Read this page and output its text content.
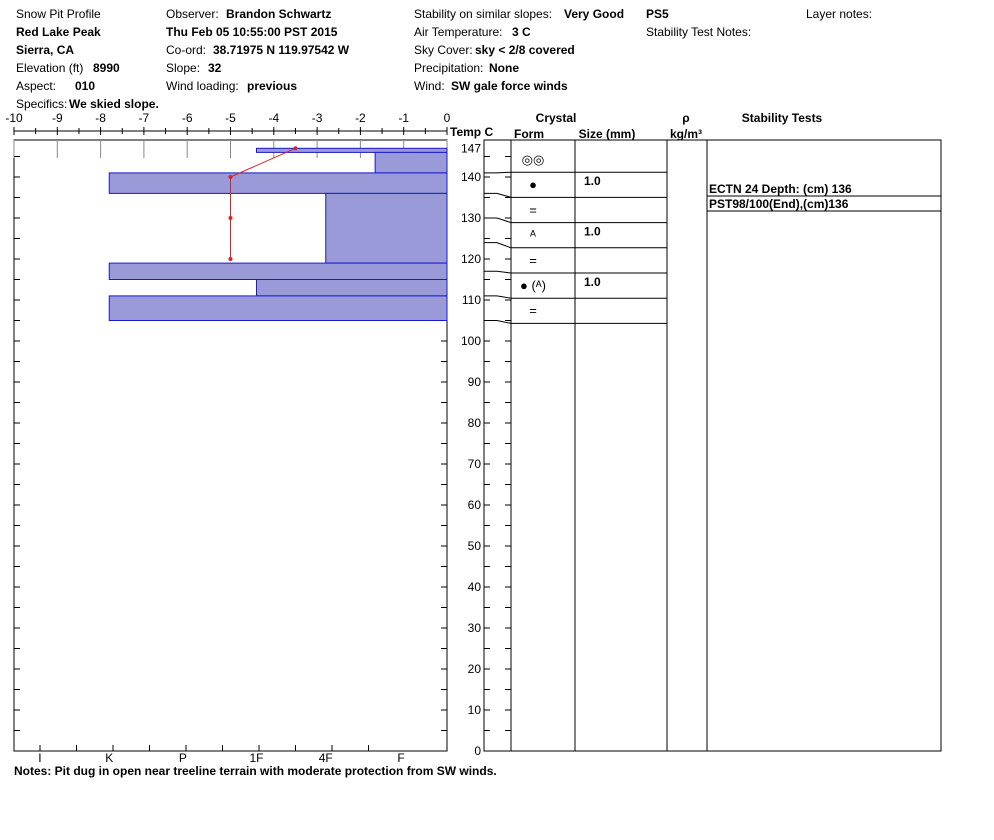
Snow Pit Profile
Red Lake Peak
Sierra, CA
Elevation (ft) 8990
Aspect: 010
Specifics: We skied slope.
Observer: Brandon Schwartz
Thu Feb 05 10:55:00 PST 2015
Co-ord: 38.71975 N 119.97542 W
Slope: 32
Wind loading: previous
Stability on similar slopes: Very Good
Air Temperature: 3 C
Sky Cover: sky < 2/8 covered
Precipitation: None
Wind: SW gale force winds
PS5
Stability Test Notes:
Layer notes:
-10 -9	-8	-7	-6	-5	-4	-3	-2	-1	0
Temp C
0
10
20
30
40
50
60
70
80
90
100
110
120
130
140
147
I	K	P	1F	4F	F
Crystal
Form	Size (mm)
ρ
kg/m³
Stability Tests
◎◎
●	1.0
=
ᴬ	1.0
=
● (ᴬ)	1.0
=
ECTN 24 Depth: (cm) 136
PST98/100(End),(cm)136
Notes: Pit dug in open near treeline terrain with moderate protection from SW winds.
